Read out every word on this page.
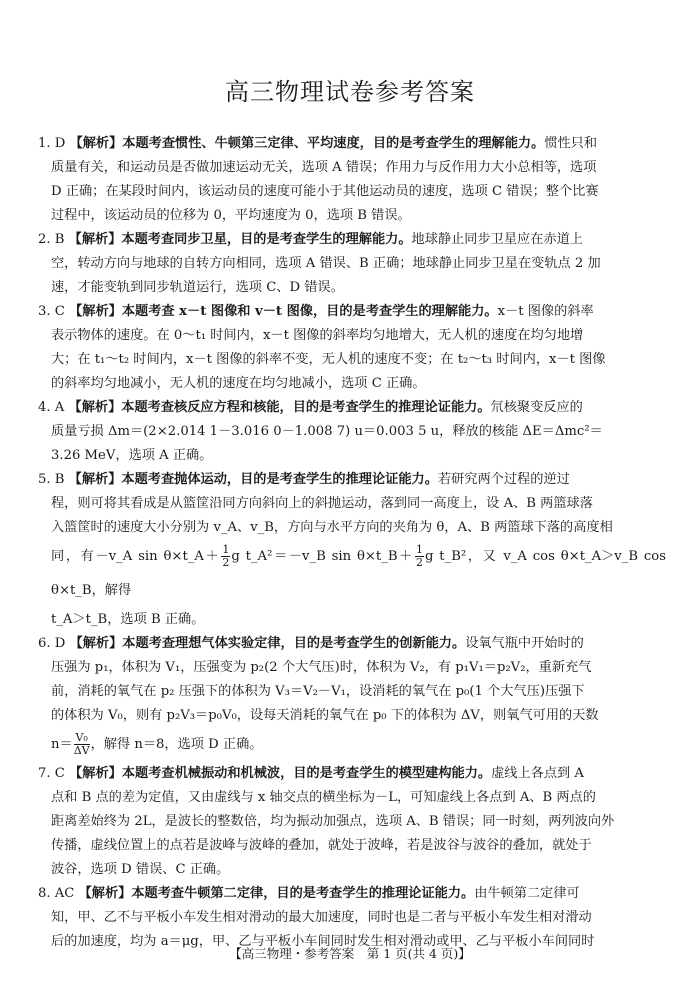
高三物理试卷参考答案
1. D 【解析】本题考查惯性、牛顿第三定律、平均速度，目的是考查学生的理解能力。惯性只和
质量有关，和运动员是否做加速运动无关，选项 A 错误；作用力与反作用力大小总相等，选项
D 正确；在某段时间内，该运动员的速度可能小于其他运动员的速度，选项 C 错误；整个比赛
过程中，该运动员的位移为 0，平均速度为 0，选项 B 错误。
2. B 【解析】本题考查同步卫星，目的是考查学生的理解能力。地球静止同步卫星应在赤道上
空，转动方向与地球的自转方向相同，选项 A 错误、B 正确；地球静止同步卫星在变轨点 2 加
速，才能变轨到同步轨道运行，选项 C、D 错误。
3. C 【解析】本题考查 x－t 图像和 v－t 图像，目的是考查学生的理解能力。x－t 图像的斜率
表示物体的速度。在 0～t₁ 时间内，x－t 图像的斜率均匀地增大，无人机的速度在均匀地增
大；在 t₁～t₂ 时间内，x－t 图像的斜率不变，无人机的速度不变；在 t₂～t₃ 时间内，x－t 图像
的斜率均匀地减小，无人机的速度在均匀地减小，选项 C 正确。
4. A 【解析】本题考查核反应方程和核能，目的是考查学生的推理论证能力。氘核聚变反应的
质量亏损 Δm＝(2×2.014 1－3.016 0－1.008 7) u＝0.003 5 u，释放的核能 ΔE＝Δmc²＝
3.26 MeV，选项 A 正确。
5. B 【解析】本题考查抛体运动，目的是考查学生的推理论证能力。若研究两个过程的逆过
程，则可将其看成是从篮筐沿同方向斜向上的斜抛运动，落到同一高度上，设 A、B 两篮球落
入篮筐时的速度大小分别为 v_A、v_B，方向与水平方向的夹角为 θ，A、B 两篮球下落的高度相
同，有－v_A sin θ×t_A＋ $\frac{1}{2}$ g t_A²＝－v_B sin θ×t_B＋ $\frac{1}{2}$ g t_B²，又 v_A cos θ×t_A＞v_B cos θ×t_B，解得
t_A＞t_B，选项 B 正确。
6. D 【解析】本题考查理想气体实验定律，目的是考查学生的创新能力。设氧气瓶中开始时的
压强为 p₁，体积为 V₁，压强变为 p₂(2 个大气压)时，体积为 V₂，有 p₁V₁＝p₂V₂，重新充气
前，消耗的氧气在 p₂ 压强下的体积为 V₃＝V₂－V₁，设消耗的氧气在 p₀(1 个大气压)压强下
的体积为 V₀，则有 p₂V₃＝p₀V₀，设每天消耗的氧气在 p₀ 下的体积为 ΔV，则氧气可用的天数
$n= \frac{\text{V₀}}{\Delta V}$ ，解得 n＝8，选项 D 正确。
7. C 【解析】本题考查机械振动和机械波，目的是考查学生的模型建构能力。虚线上各点到 A
点和 B 点的差为定值，又由虚线与 x 轴交点的横坐标为－L，可知虚线上各点到 A、B 两点的
距离差始终为 2L，是波长的整数倍，均为振动加强点，选项 A、B 错误；同一时刻，两列波向外
传播，虚线位置上的点若是波峰与波峰的叠加，就处于波峰，若是波谷与波谷的叠加，就处于
波谷，选项 D 错误、C 正确。
8. AC 【解析】本题考查牛顿第二定律，目的是考查学生的推理论证能力。由牛顿第二定律可
知，甲、乙不与平板小车发生相对滑动的最大加速度，同时也是二者与平板小车发生相对滑动
后的加速度，均为 a＝μg，甲、乙与平板小车间同时发生相对滑动或甲、乙与平板小车间同时
【高三物理・参考答案　第 1 页(共 4 页)】
